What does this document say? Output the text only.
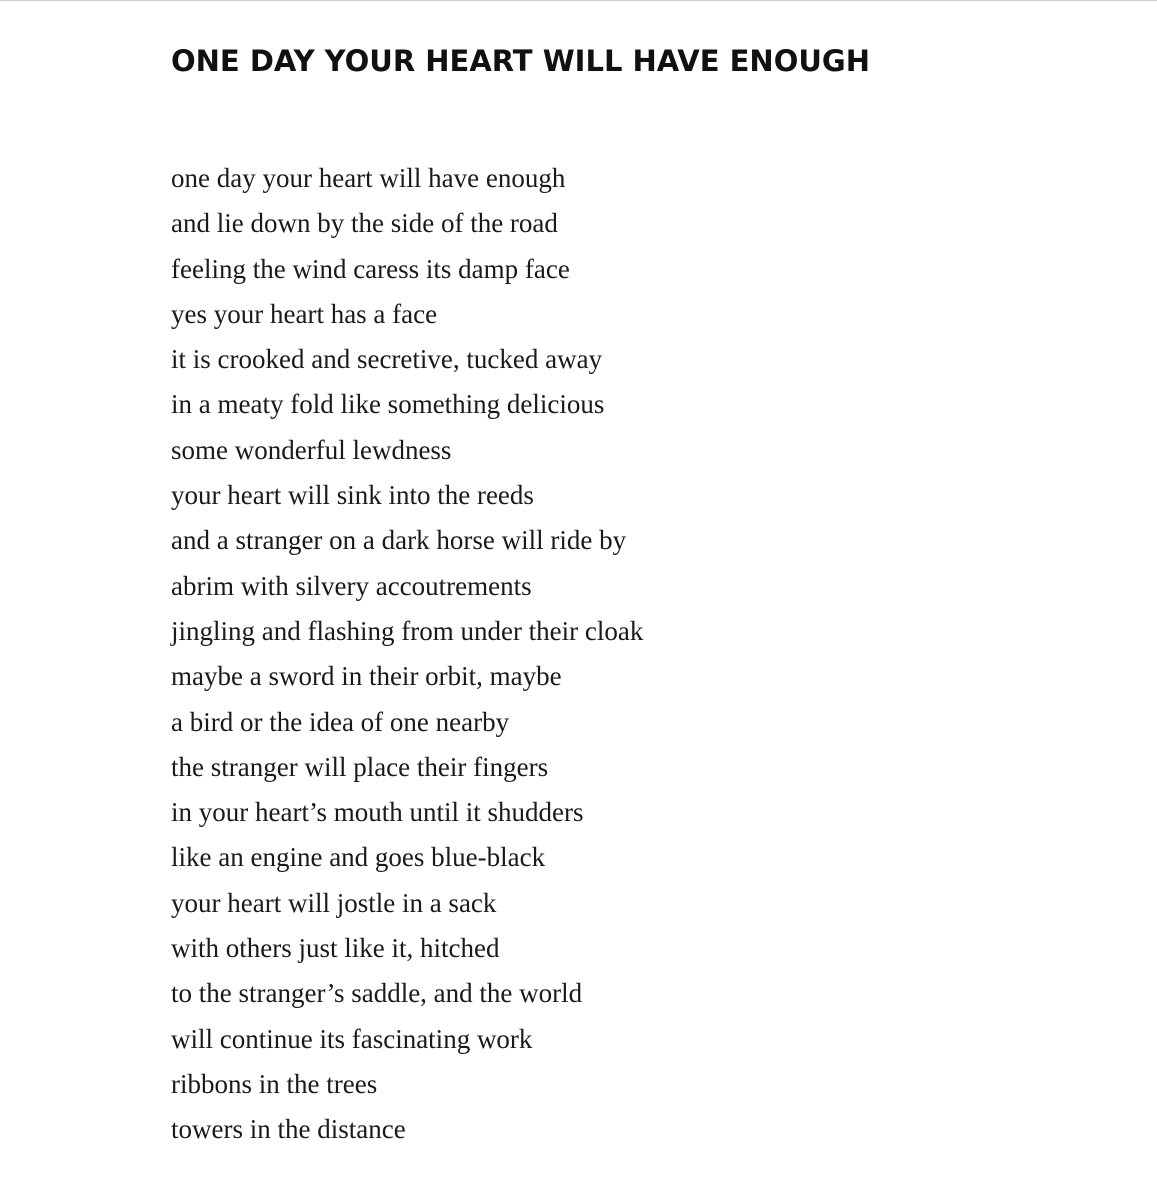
ONE DAY YOUR HEART WILL HAVE ENOUGH
one day your heart will have enough
and lie down by the side of the road
feeling the wind caress its damp face
yes your heart has a face
it is crooked and secretive, tucked away
in a meaty fold like something delicious
some wonderful lewdness
your heart will sink into the reeds
and a stranger on a dark horse will ride by
abrim with silvery accoutrements
jingling and flashing from under their cloak
maybe a sword in their orbit, maybe
a bird or the idea of one nearby
the stranger will place their fingers
in your heart’s mouth until it shudders
like an engine and goes blue-black
your heart will jostle in a sack
with others just like it, hitched
to the stranger’s saddle, and the world
will continue its fascinating work
ribbons in the trees
towers in the distance
